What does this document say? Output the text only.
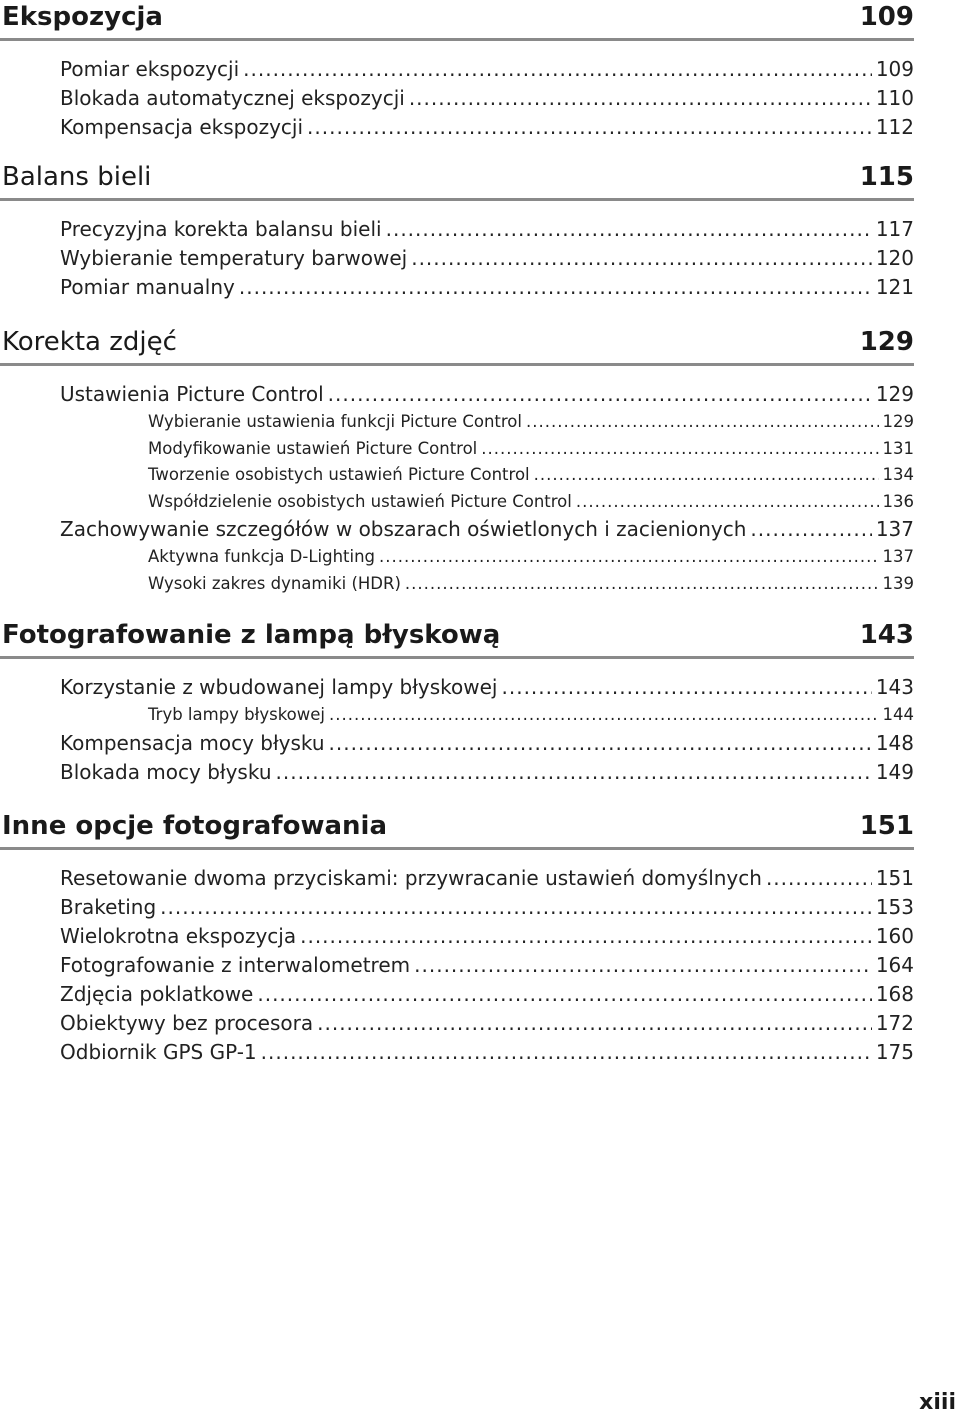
Ekspozycja	109
Pomiar ekspozycji .....	109
Blokada automatycznej ekspozycji .....	110
Kompensacja ekspozycji .....	112
Balans bieli	115
Precyzyjna korekta balansu bieli .....	117
Wybieranie temperatury barwowej .....	120
Pomiar manualny .....	121
Korekta zdjęć	129
Ustawienia Picture Control .....	129
Wybieranie ustawienia funkcji Picture Control .....	129
Modyfikowanie ustawień Picture Control .....	131
Tworzenie osobistych ustawień Picture Control .....	134
Współdzielenie osobistych ustawień Picture Control .....	136
Zachowywanie szczegółów w obszarach oświetlonych i zacienionych .....	137
Aktywna funkcja D-Lighting .....	137
Wysoki zakres dynamiki (HDR) .....	139
Fotografowanie z lampą błyskową	143
Korzystanie z wbudowanej lampy błyskowej .....	143
Tryb lampy błyskowej .....	144
Kompensacja mocy błysku .....	148
Blokada mocy błysku .....	149
Inne opcje fotografowania	151
Resetowanie dwoma przyciskami: przywracanie ustawień domyślnych .....	151
Braketing .....	153
Wielokrotna ekspozycja .....	160
Fotografowanie z interwalometrem .....	164
Zdjęcia poklatkowe .....	168
Obiektywy bez procesora .....	172
Odbiornik GPS GP-1 .....	175
xiii
